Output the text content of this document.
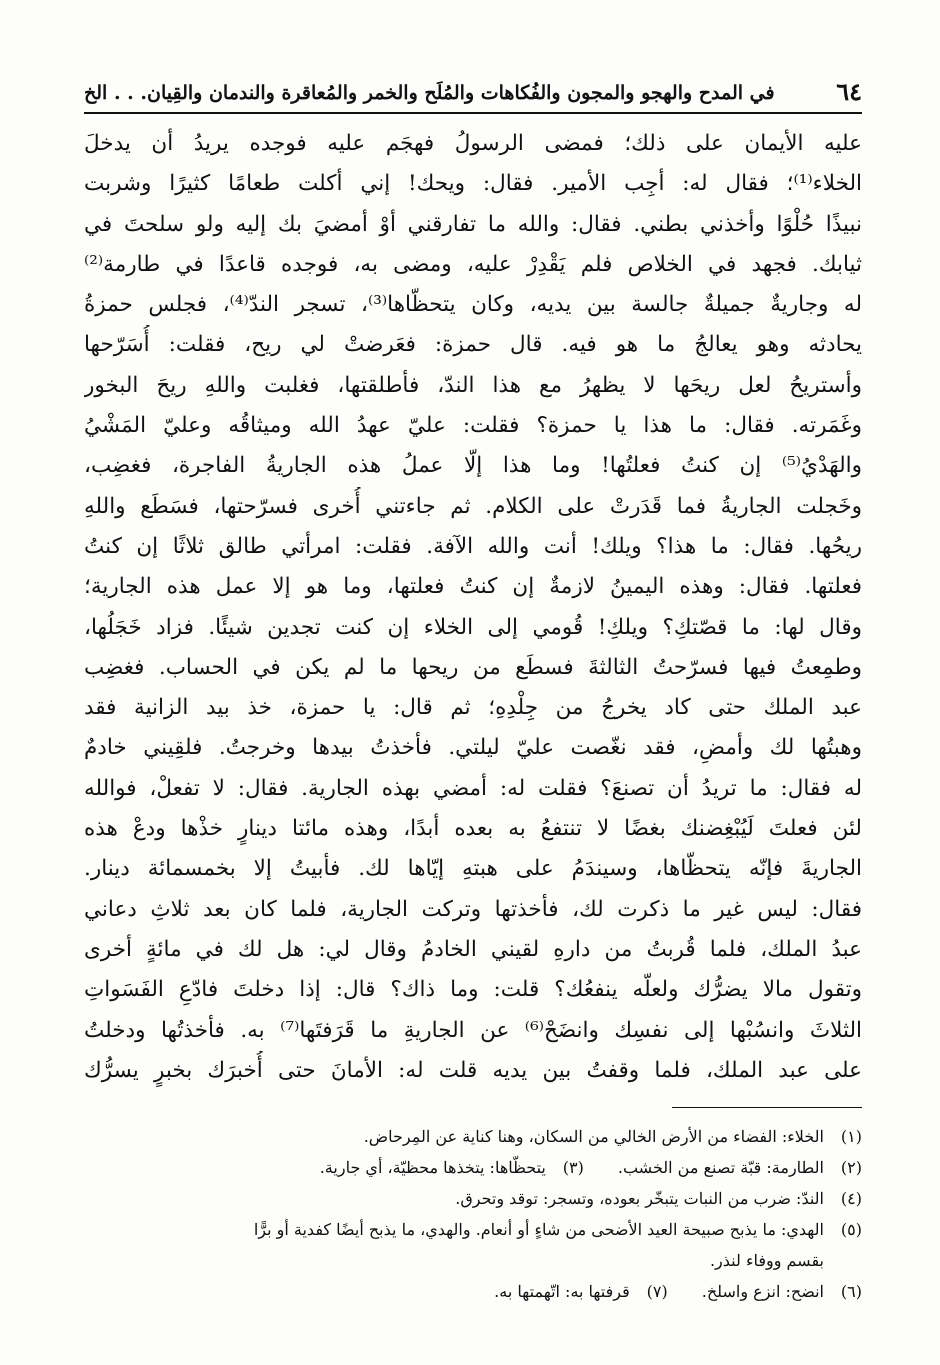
٦٤
في المدح والهجو والمجون والفُكاهات والمُلَح والخمر والمُعاقرة والندمان والقِيان. . . الخ
عليه الأيمان على ذلك؛ فمضى الرسولُ فهجَم عليه فوجده يريدُ أن يدخلَ
الخلاء⁽¹⁾؛ فقال له: أجِب الأمير. فقال: ويحك! إني أكلت طعامًا كثيرًا وشربت
نبيذًا حُلْوًا وأخذني بطني. فقال: والله ما تفارقني أوْ أمضيَ بك إليه ولو سلحتَ في
ثيابك. فجهد في الخلاص فلم يَقْدِرْ عليه، ومضى به، فوجده قاعدًا في طارمة⁽²⁾
له وجاريةٌ جميلةٌ جالسة بين يديه، وكان يتحظّاها⁽³⁾، تسجر الندّ⁽⁴⁾، فجلس حمزةُ
يحادثه وهو يعالجُ ما هو فيه. قال حمزة: فعَرضتْ لي ريح، فقلت: أُسَرّحها
وأستريحُ لعل ريحَها لا يظهرُ مع هذا الندّ، فأطلقتها، فغلبت واللهِ ريحَ البخور
وغَمَرته. فقال: ما هذا يا حمزة؟ فقلت: عليّ عهدُ الله وميثاقُه وعليّ المَشْيُ
والهَدْيُ⁽⁵⁾ إن كنتُ فعلتُها! وما هذا إلّا عملُ هذه الجاريةُ الفاجرة، فغضِب،
وخَجلت الجاريةُ فما قَدَرتْ على الكلام. ثم جاءتني أُخرى فسرّحتها، فسَطَع واللهِ
ريحُها. فقال: ما هذا؟ ويلك! أنت والله الآفة. فقلت: امرأتي طالق ثلاثًا إن كنتُ
فعلتها. فقال: وهذه اليمينُ لازمةٌ إن كنتُ فعلتها، وما هو إلا عمل هذه الجارية؛
وقال لها: ما قصّتكِ؟ ويلكِ! قُومي إلى الخلاء إن كنت تجدين شيئًا. فزاد خَجَلُها،
وطمِعتُ فيها فسرّحتُ الثالثةَ فسطَع من ريحها ما لم يكن في الحساب. فغضِب
عبد الملك حتى كاد يخرجُ من جِلْدِهِ؛ ثم قال: يا حمزة، خذ بيد الزانية فقد
وهبتُها لك وأمضِ، فقد نغّصت عليّ ليلتي. فأخذتُ بيدها وخرجتُ. فلقِيني خادمٌ
له فقال: ما تريدُ أن تصنعَ؟ فقلت له: أمضي بهذه الجارية. فقال: لا تفعلْ، فوالله
لئن فعلتَ لَيُبْغِضنك بغضًا لا تنتفعُ به بعده أبدًا، وهذه مائتا دينارٍ خذْها ودعْ هذه
الجاريةَ فإنّه يتحظّاها، وسيندَمُ على هبتهِ إيّاها لك. فأبيتُ إلا بخمسمائة دينار.
فقال: ليس غير ما ذكرت لك، فأخذتها وتركت الجارية، فلما كان بعد ثلاثِ دعاني
عبدُ الملك، فلما قُربتُ من دارهِ لقيني الخادمُ وقال لي: هل لك في مائةٍ أخرى
وتقول مالا يضرُّك ولعلّه ينفعُك؟ قلت: وما ذاك؟ قال: إذا دخلتَ فادّعِ الفَسَواتِ
الثلاثَ وانسُبْها إلى نفسِك وانضَحْ⁽⁶⁾ عن الجاريةِ ما قَرَفتَها⁽⁷⁾ به. فأخذتُها ودخلتُ
على عبد الملك، فلما وقفتُ بين يديه قلت له: الأمانَ حتى أُخبرَك بخبرٍ يسرُّك
(١)
الخلاء: الفضاء من الأرض الخالي من السكان، وهنا كناية عن المِرحاض.
(٢)
الطارمة: قبّة تصنع من الخشب.
(٣)
يتحظّاها: يتخذها محظيّة، أي جارية.
(٤)
الندّ: ضرب من النبات يتبخّر بعوده، وتسجر: توقد وتحرق.
(٥)
الهدي: ما يذبح صبيحة العيد الأضحى من شاءٍ أو أنعام. والهدي، ما يذبح أيضًا كفدية أو برًّا
بقسم ووفاء لنذر.
(٦)
انضح: انزع واسلخ.
(٧)
قرفتها به: اتّهمتها به.
